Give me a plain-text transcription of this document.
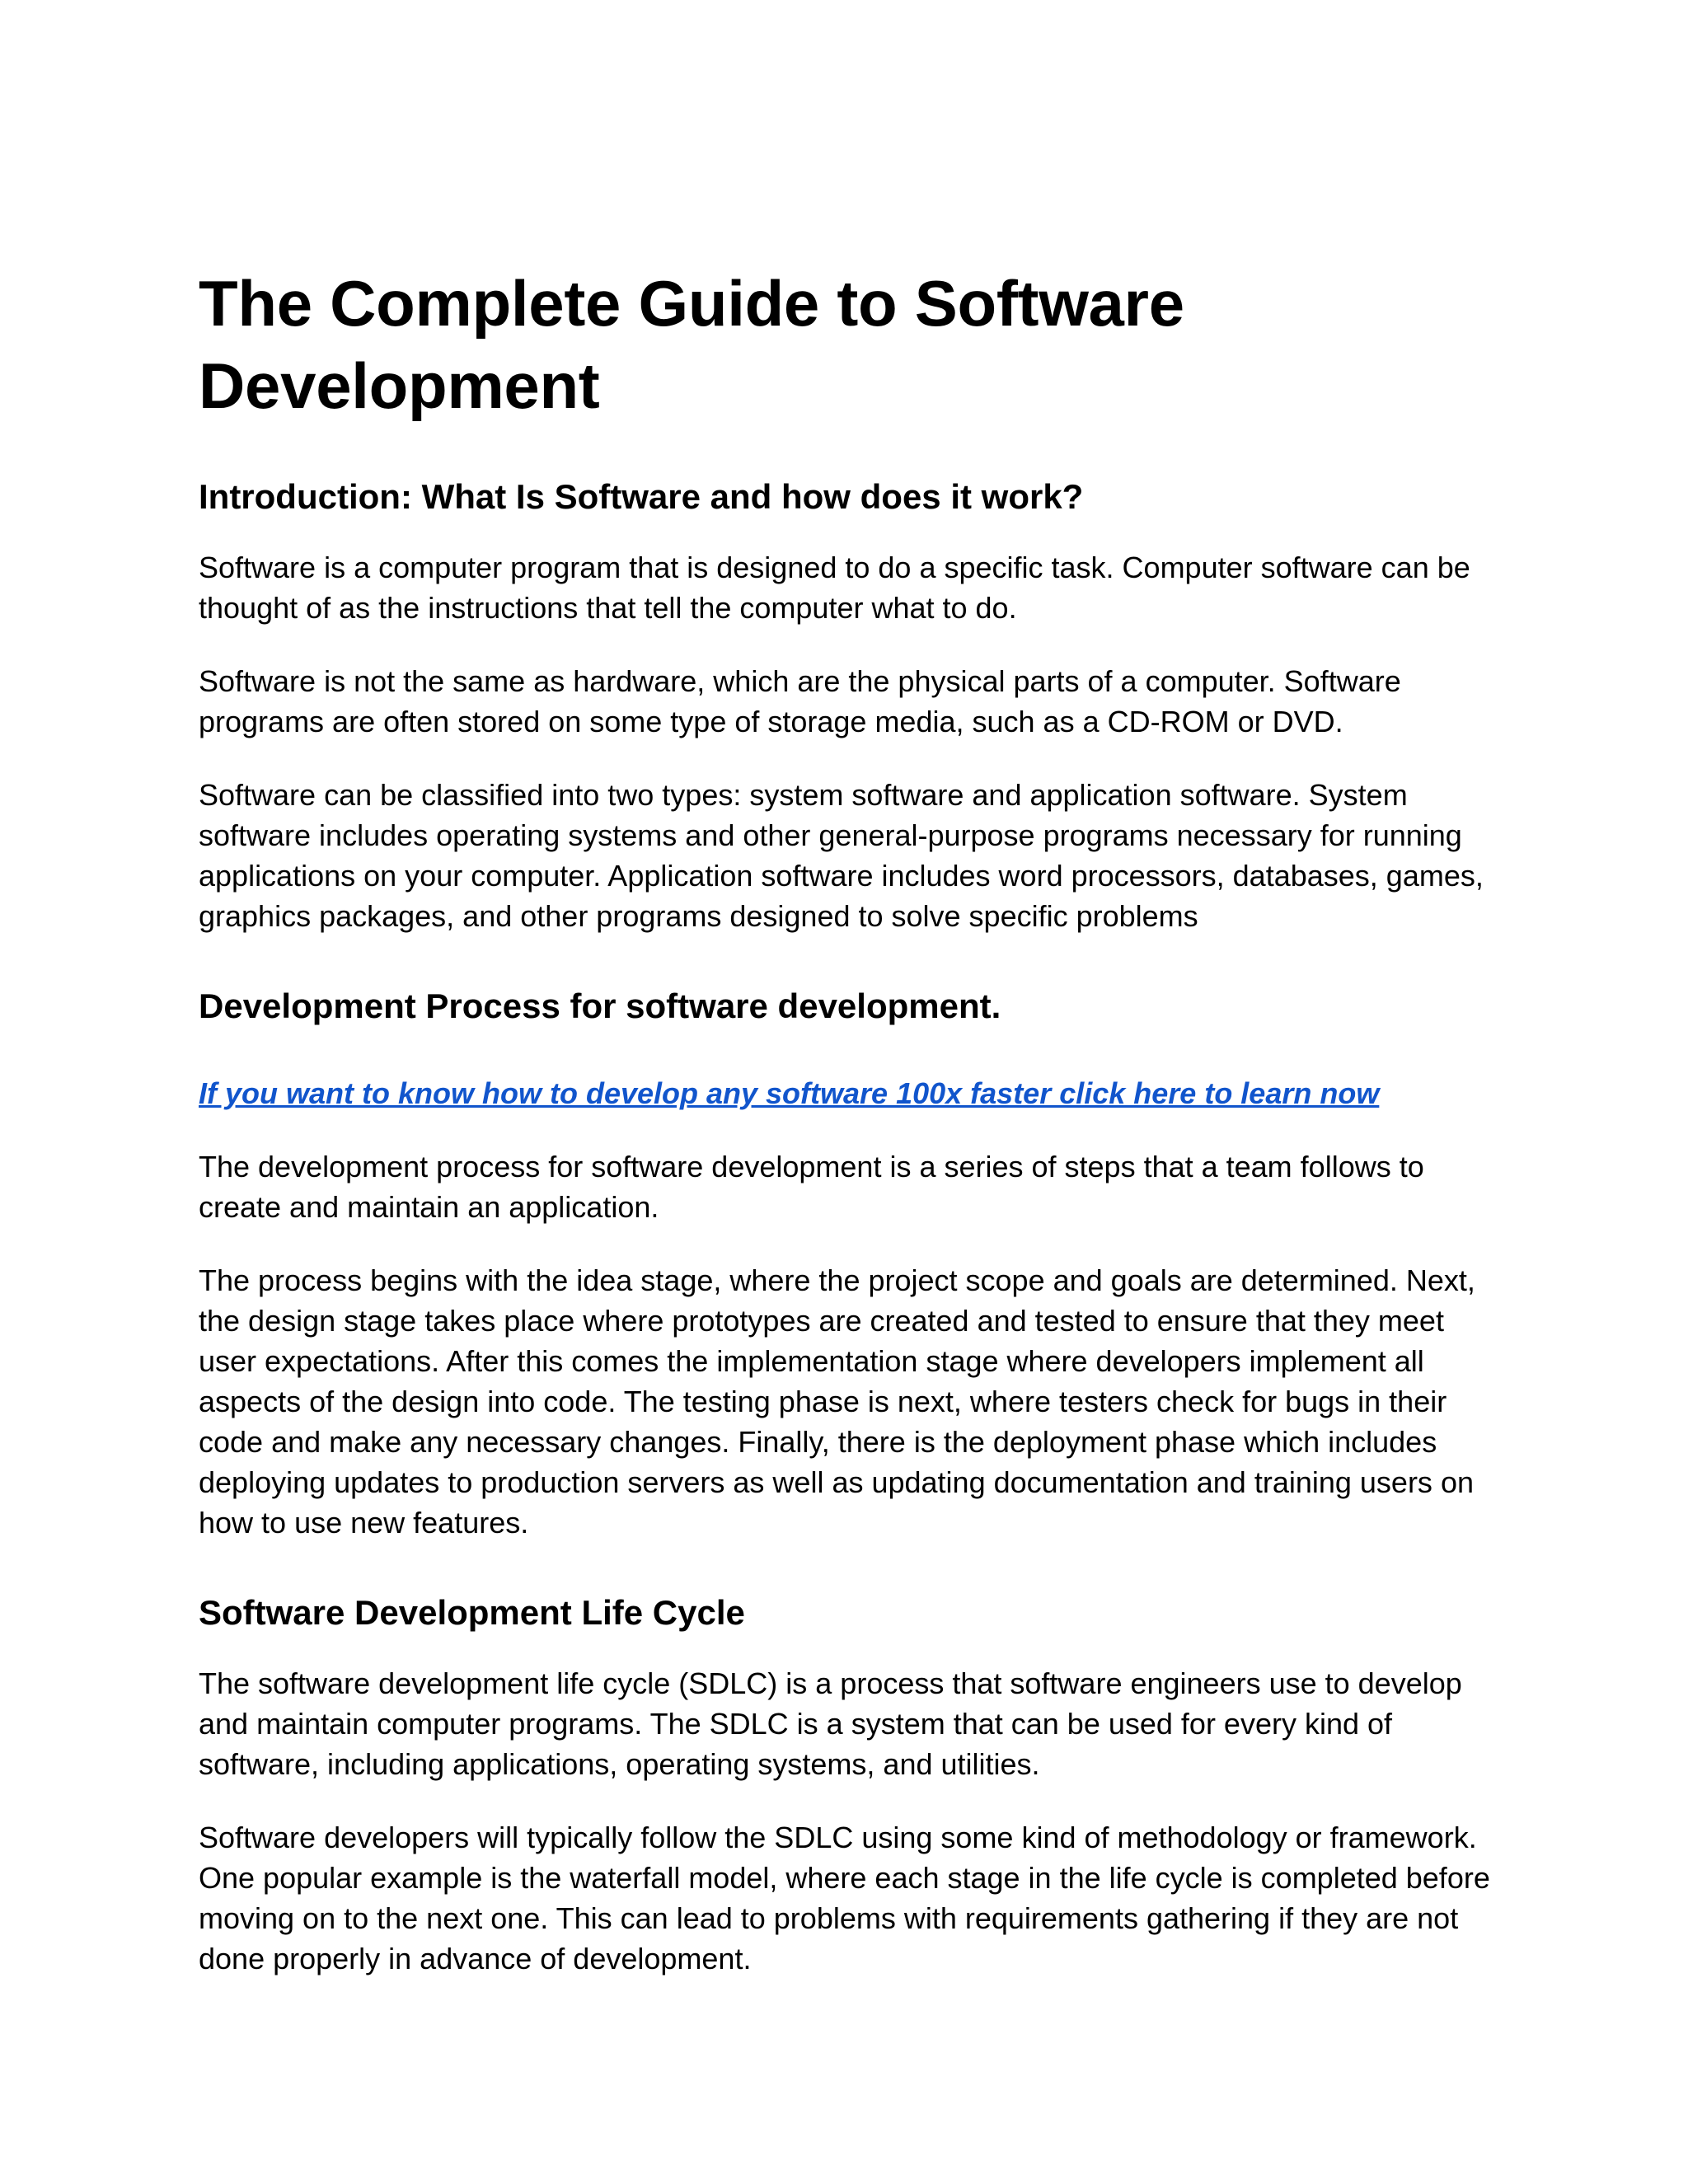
The Complete Guide to Software Development
Introduction: What Is Software and how does it work?

Software is a computer program that is designed to do a specific task. Computer software can be thought of as the instructions that tell the computer what to do.

Software is not the same as hardware, which are the physical parts of a computer. Software programs are often stored on some type of storage media, such as a CD-ROM or DVD.

Software can be classified into two types: system software and application software. System software includes operating systems and other general-purpose programs necessary for running applications on your computer. Application software includes word processors, databases, games, graphics packages, and other programs designed to solve specific problems

Development Process for software development.
If you want to know how to develop any software 100x faster click here to learn now

The development process for software development is a series of steps that a team follows to create and maintain an application.

The process begins with the idea stage, where the project scope and goals are determined. Next, the design stage takes place where prototypes are created and tested to ensure that they meet user expectations. After this comes the implementation stage where developers implement all aspects of the design into code. The testing phase is next, where testers check for bugs in their code and make any necessary changes. Finally, there is the deployment phase which includes deploying updates to production servers as well as updating documentation and training users on how to use new features.

Software Development Life Cycle

The software development life cycle (SDLC) is a process that software engineers use to develop and maintain computer programs. The SDLC is a system that can be used for every kind of software, including applications, operating systems, and utilities.

Software developers will typically follow the SDLC using some kind of methodology or framework. One popular example is the waterfall model, where each stage in the life cycle is completed before moving on to the next one. This can lead to problems with requirements gathering if they are not done properly in advance of development.
